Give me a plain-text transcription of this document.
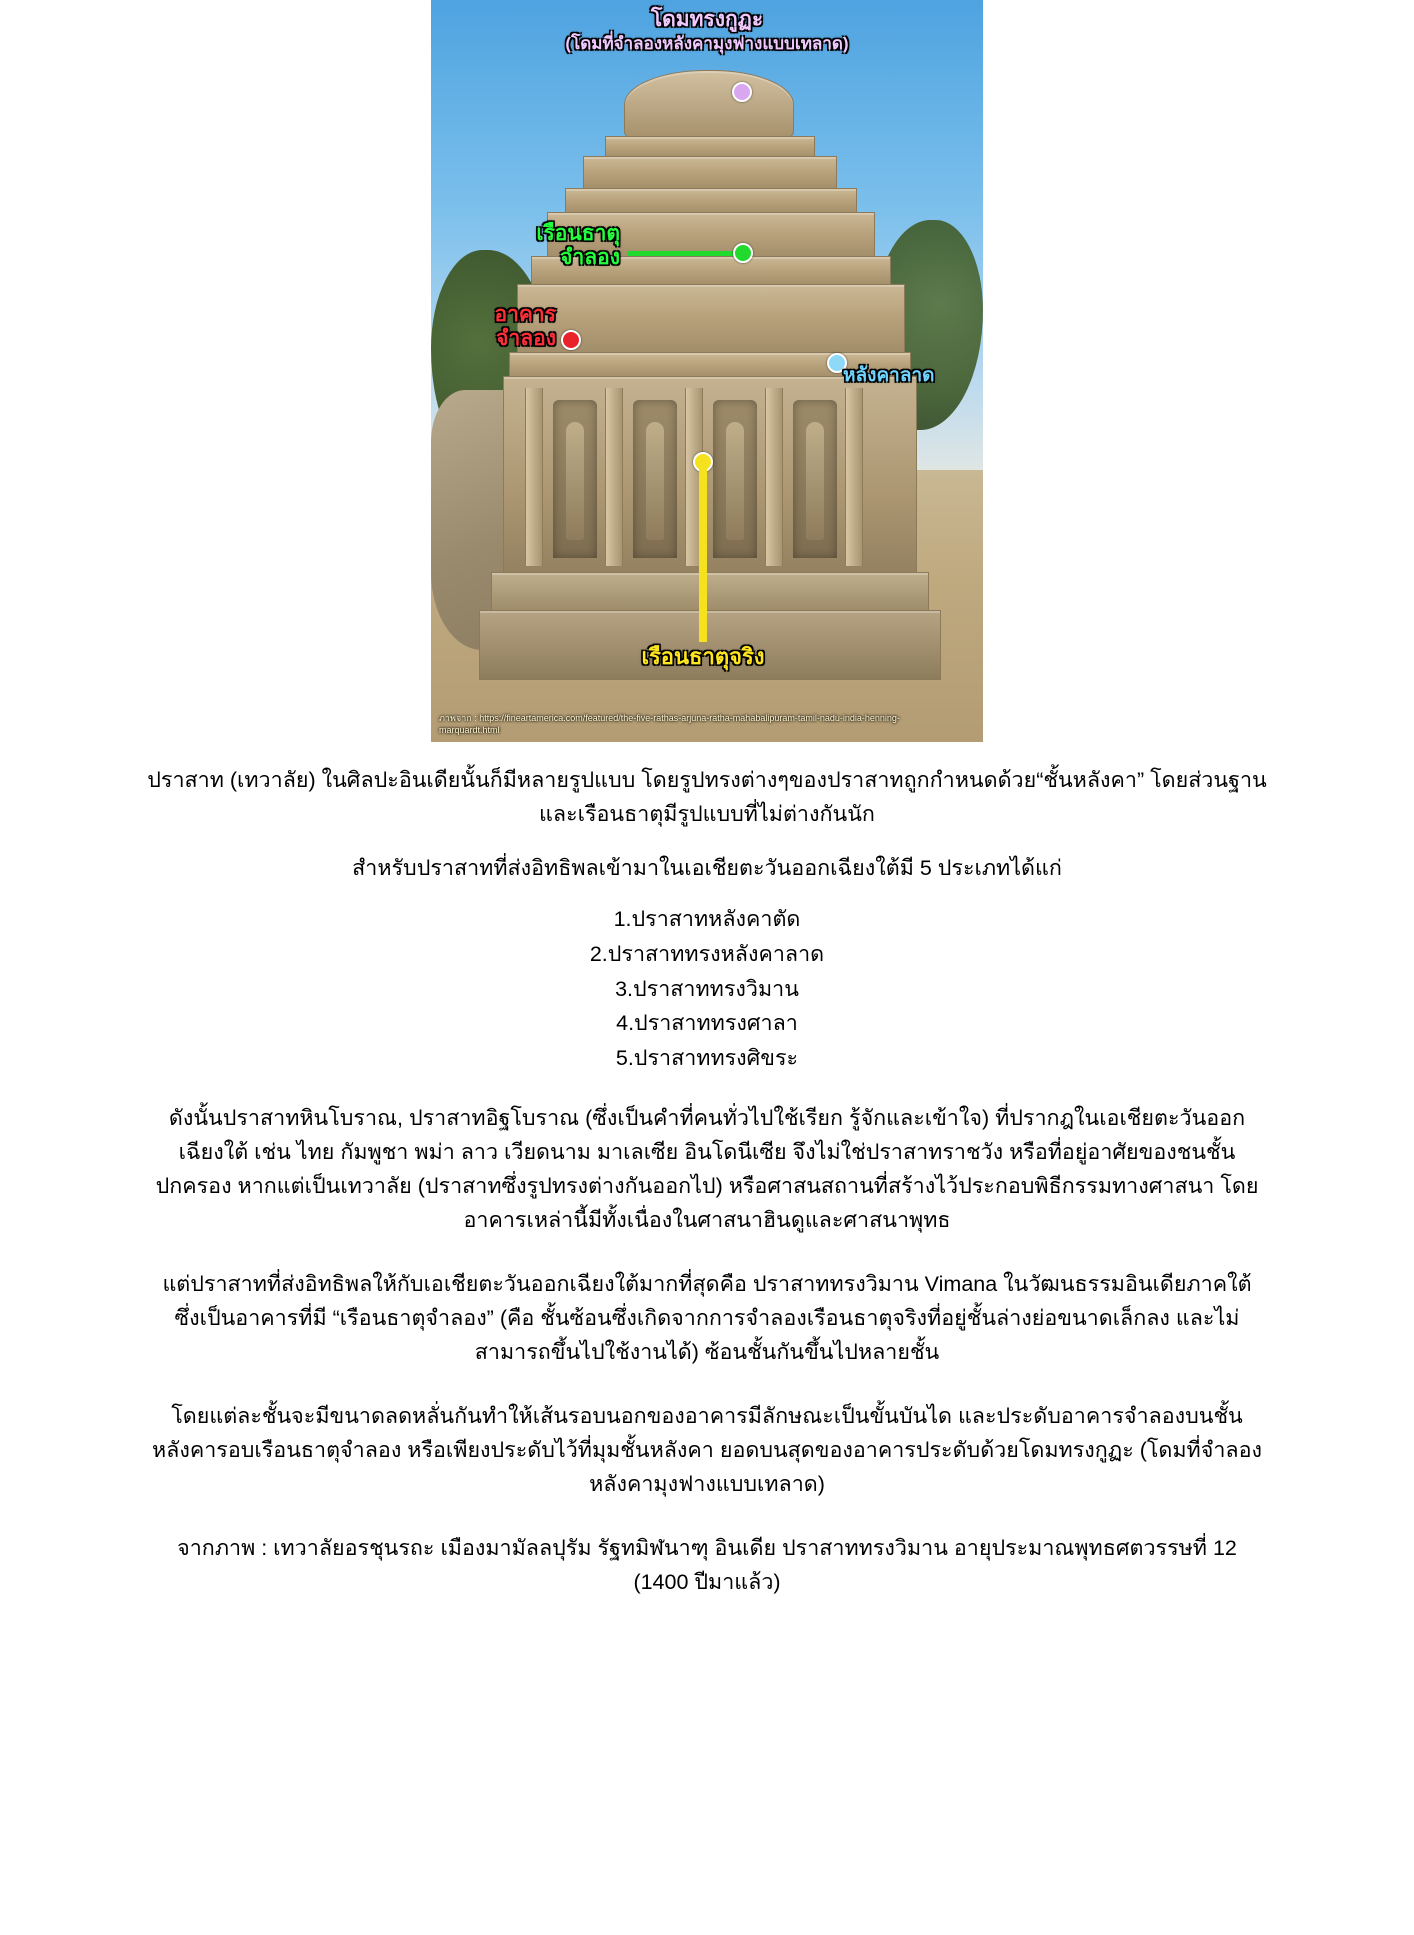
โดมทรงกูฏะ
(โดมที่จำลองหลังคามุงฟางแบบเทลาด)
เรือนธาตุ
จำลอง
อาคาร
จำลอง
หลังคาลาด
เรือนธาตุจริง
ภาพจาก : https://fineartamerica.com/featured/the-five-rathas-arjuna-ratha-mahabalipuram-tamil-nadu-india-henning-marquardt.html

ปราสาท (เทวาลัย) ในศิลปะอินเดียนั้นก็มีหลายรูปแบบ โดยรูปทรงต่างๆของปราสาทถูกกำหนดด้วย“ชั้นหลังคา” โดยส่วนฐานและเรือนธาตุมีรูปแบบที่ไม่ต่างกันนัก

สำหรับปราสาทที่ส่งอิทธิพลเข้ามาในเอเชียตะวันออกเฉียงใต้มี 5 ประเภทได้แก่

1.ปราสาทหลังคาตัด
2.ปราสาททรงหลังคาลาด
3.ปราสาททรงวิมาน
4.ปราสาททรงศาลา
5.ปราสาททรงศิขระ

ดังนั้นปราสาทหินโบราณ, ปราสาทอิฐโบราณ (ซึ่งเป็นคำที่คนทั่วไปใช้เรียก รู้จักและเข้าใจ) ที่ปรากฎในเอเชียตะวันออกเฉียงใต้ เช่น ไทย กัมพูชา พม่า ลาว เวียดนาม มาเลเซีย อินโดนีเซีย จึงไม่ใช่ปราสาทราชวัง หรือที่อยู่อาศัยของชนชั้นปกครอง หากแต่เป็นเทวาลัย (ปราสาทซึ่งรูปทรงต่างกันออกไป) หรือศาสนสถานที่สร้างไว้ประกอบพิธีกรรมทางศาสนา โดยอาคารเหล่านี้มีทั้งเนื่องในศาสนาฮินดูและศาสนาพุทธ

แต่ปราสาทที่ส่งอิทธิพลให้กับเอเชียตะวันออกเฉียงใต้มากที่สุดคือ ปราสาททรงวิมาน Vimana ในวัฒนธรรมอินเดียภาคใต้ ซึ่งเป็นอาคารที่มี “เรือนธาตุจำลอง” (คือ ชั้นซ้อนซึ่งเกิดจากการจำลองเรือนธาตุจริงที่อยู่ชั้นล่างย่อขนาดเล็กลง และไม่สามารถขึ้นไปใช้งานได้) ซ้อนชั้นกันขึ้นไปหลายชั้น

โดยแต่ละชั้นจะมีขนาดลดหลั่นกันทำให้เส้นรอบนอกของอาคารมีลักษณะเป็นขั้นบันได และประดับอาคารจำลองบนชั้นหลังคารอบเรือนธาตุจำลอง หรือเพียงประดับไว้ที่มุมชั้นหลังคา ยอดบนสุดของอาคารประดับด้วยโดมทรงกูฏะ (โดมที่จำลองหลังคามุงฟางแบบเทลาด)

จากภาพ : เทวาลัยอรชุนรถะ เมืองมามัลลปุรัม รัฐทมิฬนาฑุ อินเดีย ปราสาททรงวิมาน อายุประมาณพุทธศตวรรษที่ 12 (1400 ปีมาแล้ว)
